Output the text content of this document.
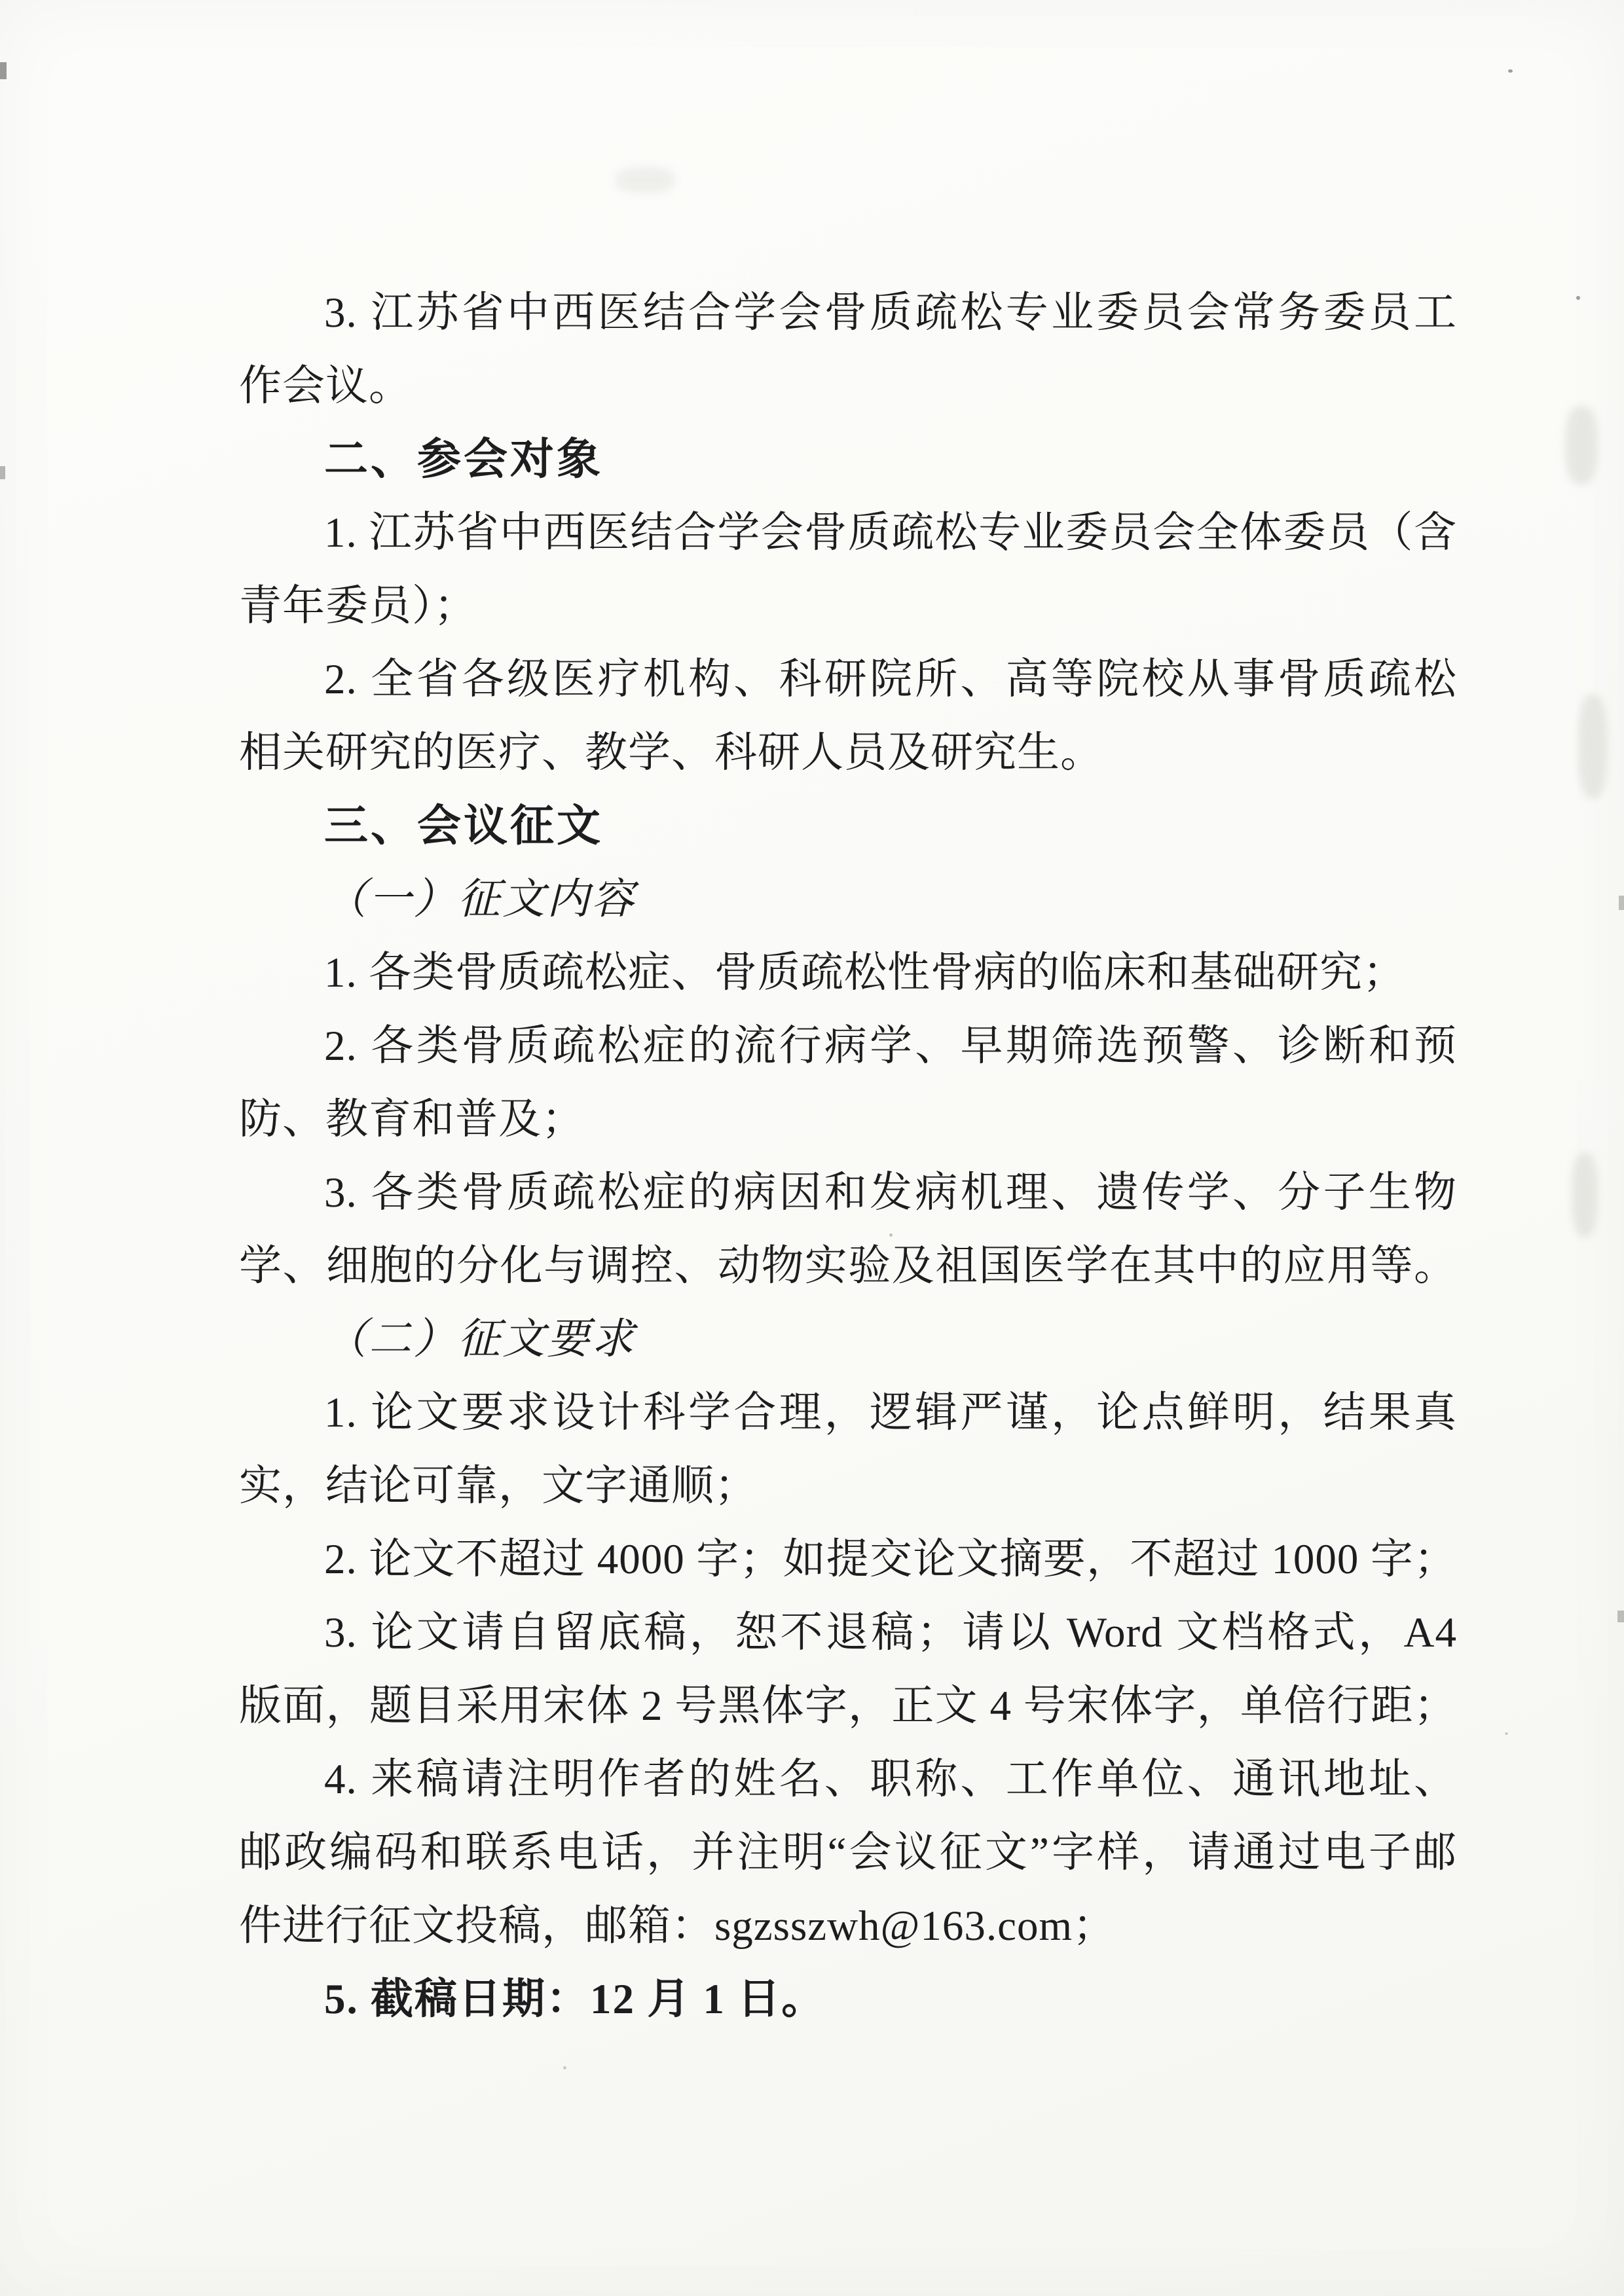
3. 江苏省中西医结合学会骨质疏松专业委员会常务委员工
作会议。
二、参会对象
1. 江苏省中西医结合学会骨质疏松专业委员会全体委员（含
青年委员）；
2. 全省各级医疗机构、科研院所、高等院校从事骨质疏松
相关研究的医疗、教学、科研人员及研究生。
三、会议征文
（一）征文内容
1. 各类骨质疏松症、骨质疏松性骨病的临床和基础研究；
2. 各类骨质疏松症的流行病学、早期筛选预警、诊断和预
防、教育和普及；
3. 各类骨质疏松症的病因和发病机理、遗传学、分子生物
学、细胞的分化与调控、动物实验及祖国医学在其中的应用等。
（二）征文要求
1. 论文要求设计科学合理，逻辑严谨，论点鲜明，结果真
实，结论可靠，文字通顺；
2. 论文不超过 4000 字；如提交论文摘要，不超过 1000 字；
3. 论文请自留底稿，恕不退稿；请以 Word 文档格式，A4
版面，题目采用宋体 2 号黑体字，正文 4 号宋体字，单倍行距；
4. 来稿请注明作者的姓名、职称、工作单位、通讯地址、
邮政编码和联系电话，并注明“会议征文”字样，请通过电子邮
件进行征文投稿，邮箱：sgzsszwh@163.com；
5. 截稿日期：12 月 1 日。
